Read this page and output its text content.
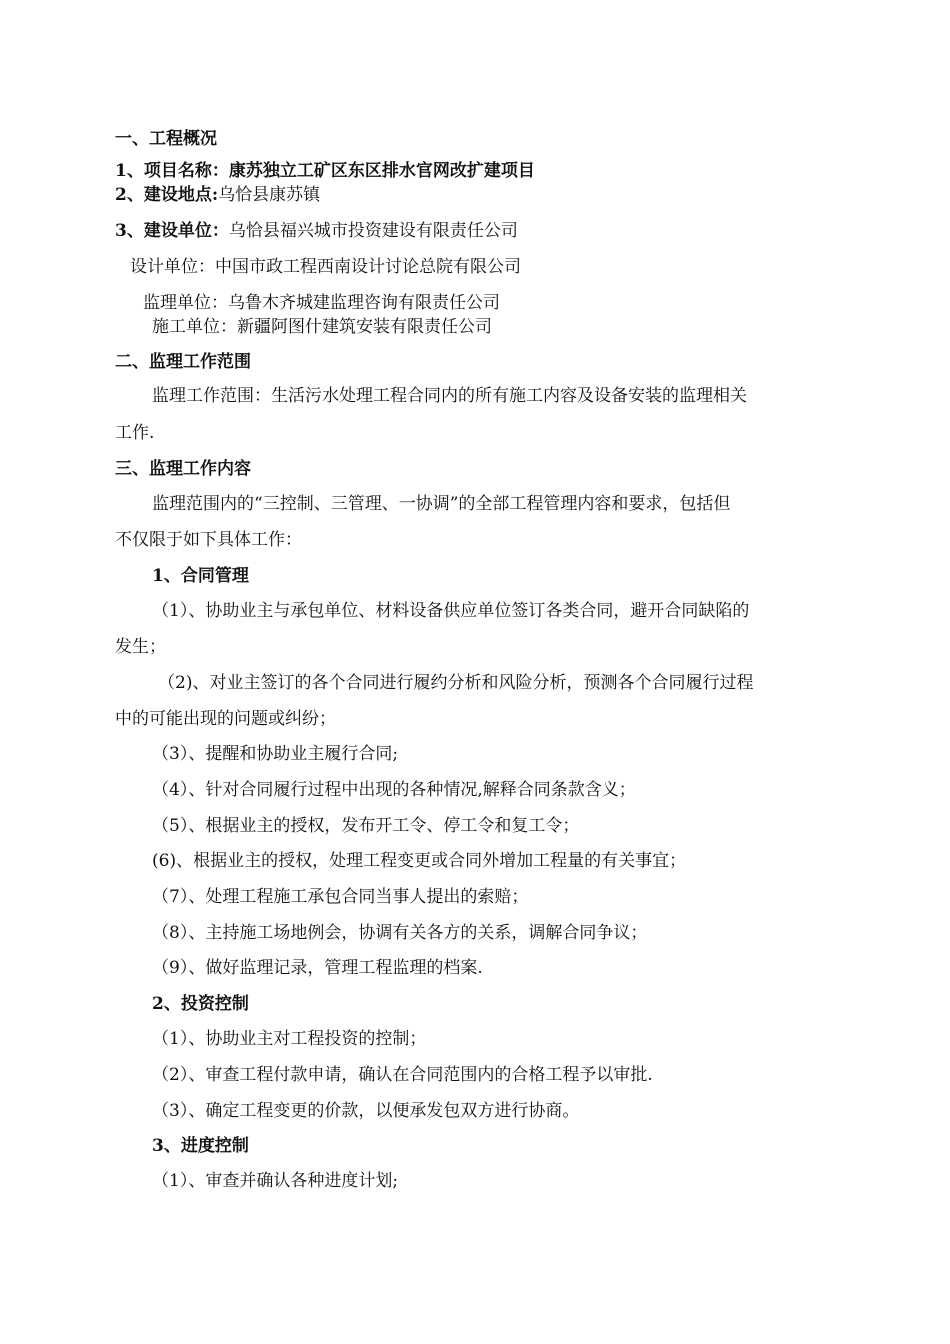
一、工程概况
1、项目名称：康苏独立工矿区东区排水官网改扩建项目
2、建设地点:乌恰县康苏镇
3、建设单位：乌恰县福兴城市投资建设有限责任公司
设计单位：中国市政工程西南设计讨论总院有限公司
监理单位：乌鲁木齐城建监理咨询有限责任公司
施工单位：新疆阿图什建筑安装有限责任公司
二、监理工作范围
监理工作范围：生活污水处理工程合同内的所有施工内容及设备安装的监理相关
工作.
三、监理工作内容
监理范围内的“三控制、三管理、一协调”的全部工程管理内容和要求，包括但
不仅限于如下具体工作：
1、合同管理
（1）、协助业主与承包单位、材料设备供应单位签订各类合同，避开合同缺陷的
发生；
（2)、对业主签订的各个合同进行履约分析和风险分析，预测各个合同履行过程
中的可能出现的问题或纠纷；
（3）、提醒和协助业主履行合同;
（4）、针对合同履行过程中出现的各种情况,解释合同条款含义；
（5）、根据业主的授权，发布开工令、停工令和复工令；
(6)、根据业主的授权，处理工程变更或合同外增加工程量的有关事宜；
（7）、处理工程施工承包合同当事人提出的索赔；
（8）、主持施工场地例会，协调有关各方的关系，调解合同争议；
（9）、做好监理记录，管理工程监理的档案.
2、投资控制
（1）、协助业主对工程投资的控制；
（2）、审查工程付款申请，确认在合同范围内的合格工程予以审批.
（3）、确定工程变更的价款，以便承发包双方进行协商。
3、进度控制
（1）、审查并确认各种进度计划;
